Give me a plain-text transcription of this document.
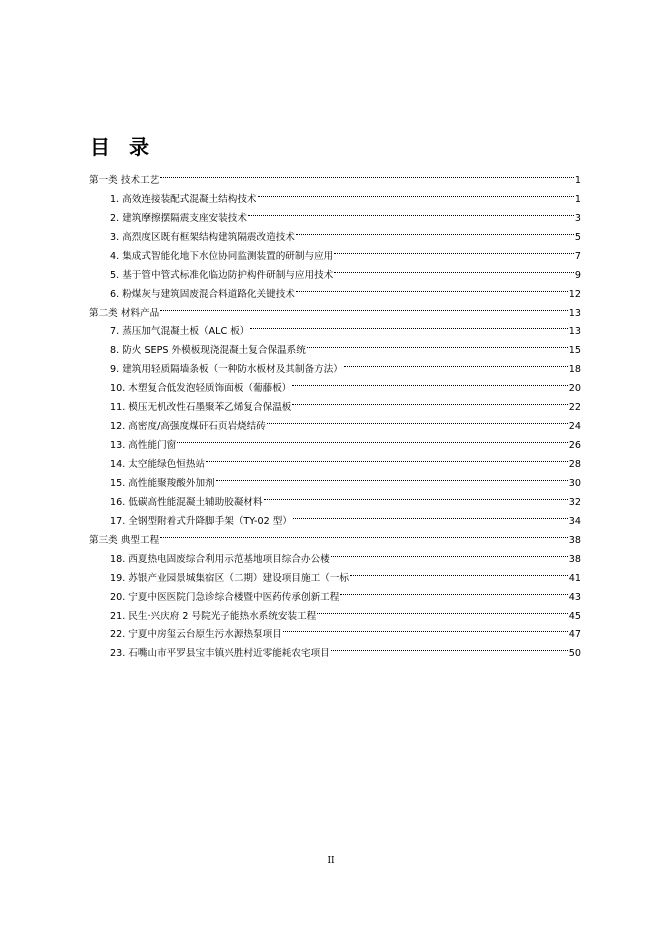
目 录
第一类 技术工艺	1
1. 高效连接装配式混凝土结构技术	1
2. 建筑摩擦摆隔震支座安装技术	3
3. 高烈度区既有框架结构建筑隔震改造技术	5
4. 集成式智能化地下水位协同监测装置的研制与应用	7
5. 基于管中管式标准化临边防护构件研制与应用技术	9
6. 粉煤灰与建筑固废混合料道路化关键技术	12
第二类 材料产品	13
7. 蒸压加气混凝土板（ALC 板）	13
8. 防火 SEPS 外模板现浇混凝土复合保温系统	15
9. 建筑用轻质隔墙条板（一种防水板材及其制备方法）	18
10. 木塑复合低发泡轻质饰面板（葡藤板）	20
11. 模压无机改性石墨聚苯乙烯复合保温板	22
12. 高密度/高强度煤矸石页岩烧结砖	24
13. 高性能门窗	26
14. 太空能绿色恒热站	28
15. 高性能聚羧酸外加剂	30
16. 低碳高性能混凝土辅助胶凝材料	32
17. 全钢型附着式升降脚手架（TY-02 型）	34
第三类 典型工程	38
18. 西夏热电固废综合利用示范基地项目综合办公楼	38
19. 苏银产业园景城集宿区（二期）建设项目施工（一标	41
20. 宁夏中医医院门急诊综合楼暨中医药传承创新工程	43
21. 民生·兴庆府 2 号院光子能热水系统安装工程	45
22. 宁夏中房玺云台原生污水源热泵项目	47
23. 石嘴山市平罗县宝丰镇兴胜村近零能耗农宅项目	50
II
